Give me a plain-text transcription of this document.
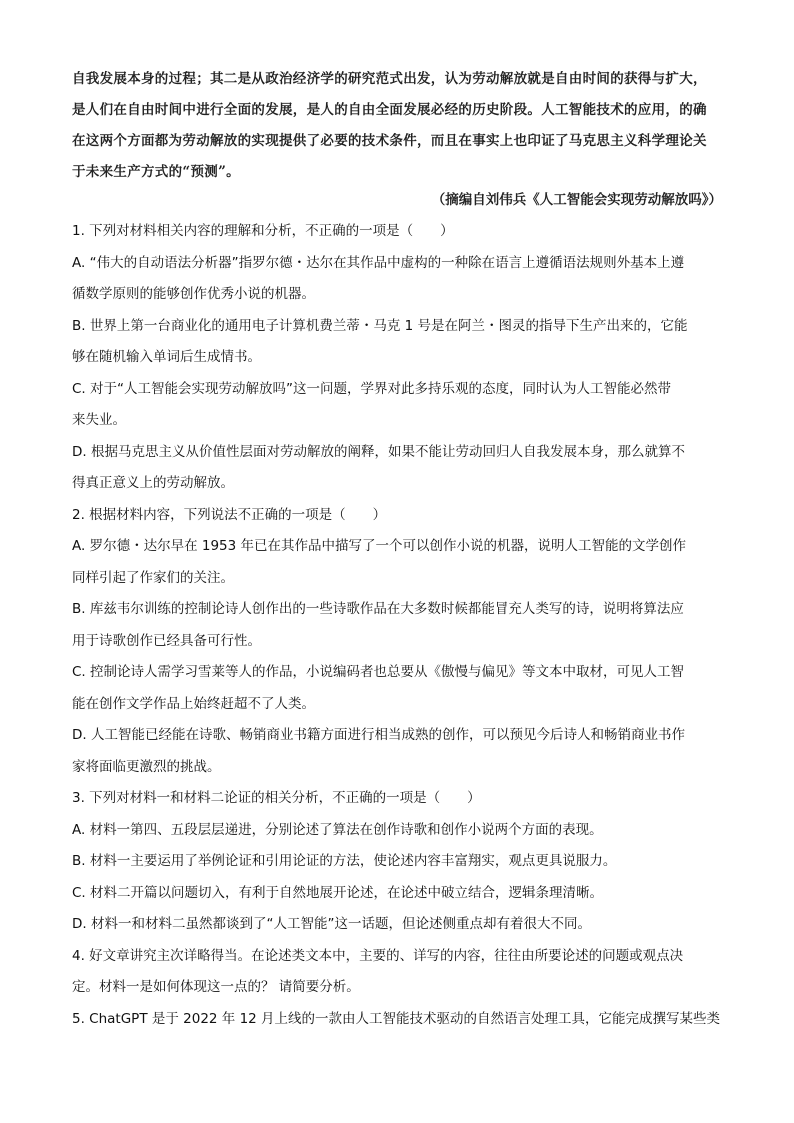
自我发展本身的过程；其二是从政治经济学的研究范式出发，认为劳动解放就是自由时间的获得与扩大，

是人们在自由时间中进行全面的发展，是人的自由全面发展必经的历史阶段。人工智能技术的应用，的确

在这两个方面都为劳动解放的实现提供了必要的技术条件，而且在事实上也印证了马克思主义科学理论关

于未来生产方式的“预测”。

（摘编自刘伟兵《人工智能会实现劳动解放吗》）

1. 下列对材料相关内容的理解和分析，不正确的一项是（　　）

A. “伟大的自动语法分析器”指罗尔德・达尔在其作品中虚构的一种除在语言上遵循语法规则外基本上遵

循数学原则的能够创作优秀小说的机器。

B. 世界上第一台商业化的通用电子计算机费兰蒂・马克 1 号是在阿兰・图灵的指导下生产出来的，它能

够在随机输入单词后生成情书。

C. 对于“人工智能会实现劳动解放吗”这一问题，学界对此多持乐观的态度，同时认为人工智能必然带

来失业。

D. 根据马克思主义从价值性层面对劳动解放的阐释，如果不能让劳动回归人自我发展本身，那么就算不

得真正意义上的劳动解放。

2. 根据材料内容，下列说法不正确的一项是（　　）

A. 罗尔德・达尔早在 1953 年已在其作品中描写了一个可以创作小说的机器，说明人工智能的文学创作

同样引起了作家们的关注。

B. 库兹韦尔训练的控制论诗人创作出的一些诗歌作品在大多数时候都能冒充人类写的诗，说明将算法应

用于诗歌创作已经具备可行性。

C. 控制论诗人需学习雪莱等人的作品，小说编码者也总要从《傲慢与偏见》等文本中取材，可见人工智

能在创作文学作品上始终赶超不了人类。

D. 人工智能已经能在诗歌、畅销商业书籍方面进行相当成熟的创作，可以预见今后诗人和畅销商业书作

家将面临更激烈的挑战。

3. 下列对材料一和材料二论证的相关分析，不正确的一项是（　　）

A. 材料一第四、五段层层递进，分别论述了算法在创作诗歌和创作小说两个方面的表现。

B. 材料一主要运用了举例论证和引用论证的方法，使论述内容丰富翔实，观点更具说服力。

C. 材料二开篇以问题切入，有利于自然地展开论述，在论述中破立结合，逻辑条理清晰。

D. 材料一和材料二虽然都谈到了“人工智能”这一话题，但论述侧重点却有着很大不同。

4. 好文章讲究主次详略得当。在论述类文本中，主要的、详写的内容，往往由所要论述的问题或观点决

定。材料一是如何体现这一点的？ 请简要分析。

5. ChatGPT 是于 2022 年 12 月上线的一款由人工智能技术驱动的自然语言处理工具，它能完成撰写某些类
